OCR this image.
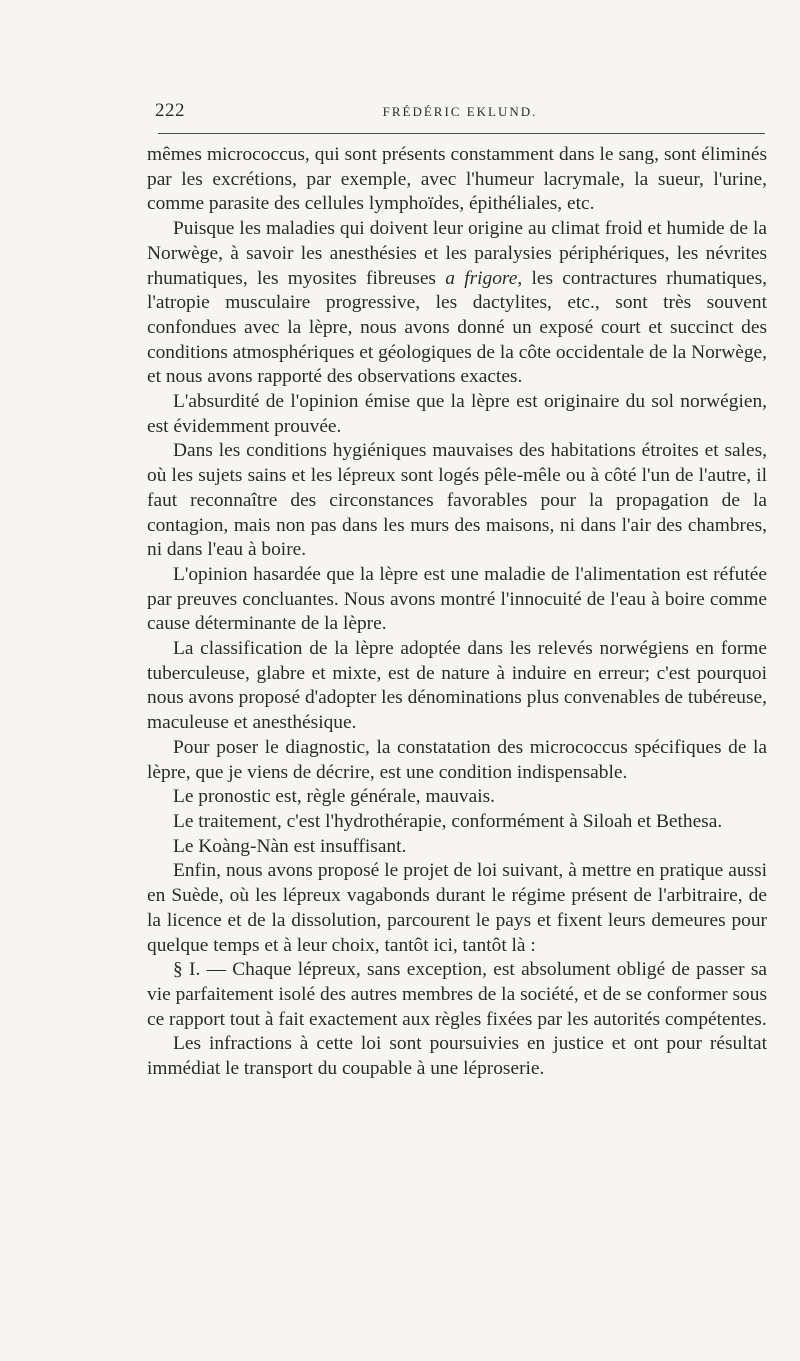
222	FRÉDÉRIC EKLUND.

mêmes micrococcus, qui sont présents constamment dans le sang, sont éliminés par les excrétions, par exemple, avec l'humeur lacrymale, la sueur, l'urine, comme parasite des cellules lymphoïdes, épithéliales, etc.

Puisque les maladies qui doivent leur origine au climat froid et humide de la Norwège, à savoir les anesthésies et les paralysies périphériques, les névrites rhumatiques, les myosites fibreuses a frigore, les contractures rhumatiques, l'atropie musculaire progressive, les dactylites, etc., sont très souvent confondues avec la lèpre, nous avons donné un exposé court et succinct des conditions atmosphériques et géologiques de la côte occidentale de la Norwège, et nous avons rapporté des observations exactes.

L'absurdité de l'opinion émise que la lèpre est originaire du sol norwégien, est évidemment prouvée.

Dans les conditions hygiéniques mauvaises des habitations étroites et sales, où les sujets sains et les lépreux sont logés pêle-mêle ou à côté l'un de l'autre, il faut reconnaître des circonstances favorables pour la propagation de la contagion, mais non pas dans les murs des maisons, ni dans l'air des chambres, ni dans l'eau à boire.

L'opinion hasardée que la lèpre est une maladie de l'alimentation est réfutée par preuves concluantes. Nous avons montré l'innocuité de l'eau à boire comme cause déterminante de la lèpre.

La classification de la lèpre adoptée dans les relevés norwégiens en forme tuberculeuse, glabre et mixte, est de nature à induire en erreur; c'est pourquoi nous avons proposé d'adopter les dénominations plus convenables de tubéreuse, maculeuse et anesthésique.

Pour poser le diagnostic, la constatation des micrococcus spécifiques de la lèpre, que je viens de décrire, est une condition indispensable.

Le pronostic est, règle générale, mauvais.

Le traitement, c'est l'hydrothérapie, conformément à Siloah et Bethesa.

Le Koàng-Nàn est insuffisant.

Enfin, nous avons proposé le projet de loi suivant, à mettre en pratique aussi en Suède, où les lépreux vagabonds durant le régime présent de l'arbitraire, de la licence et de la dissolution, parcourent le pays et fixent leurs demeures pour quelque temps et à leur choix, tantôt ici, tantôt là :

§ I. — Chaque lépreux, sans exception, est absolument obligé de passer sa vie parfaitement isolé des autres membres de la société, et de se conformer sous ce rapport tout à fait exactement aux règles fixées par les autorités compétentes.

Les infractions à cette loi sont poursuivies en justice et ont pour résultat immédiat le transport du coupable à une léproserie.
